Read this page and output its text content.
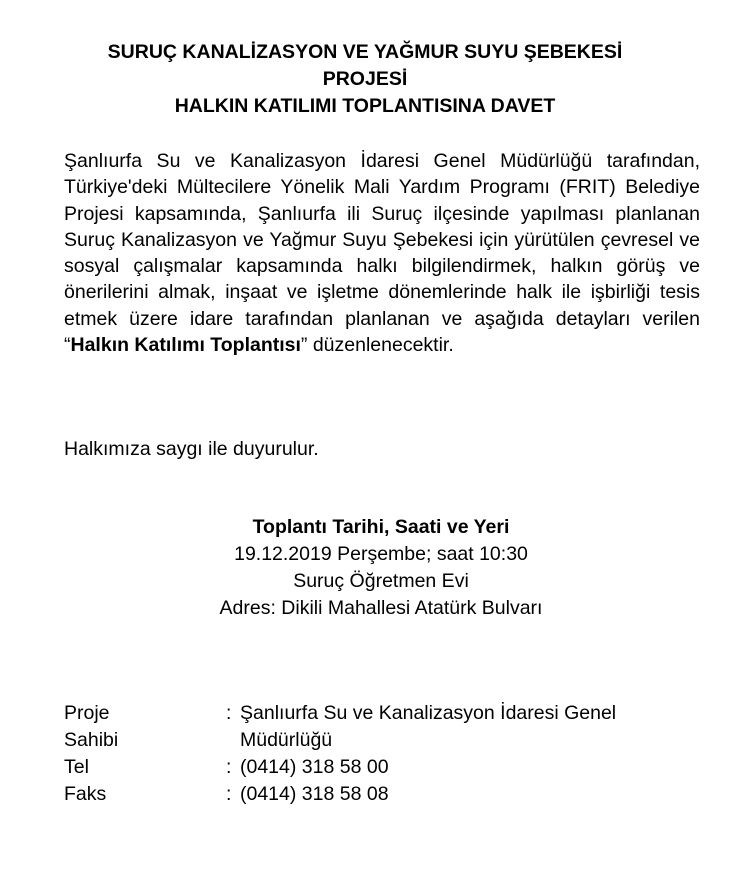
SURUÇ KANALİZASYON VE YAĞMUR SUYU ŞEBEKESİ
PROJESİ
HALKIN KATILIMI TOPLANTISINA DAVET
Şanlıurfa Su ve Kanalizasyon İdaresi Genel Müdürlüğü tarafından, Türkiye'deki Mültecilere Yönelik Mali Yardım Programı (FRIT) Belediye Projesi kapsamında, Şanlıurfa ili Suruç ilçesinde yapılması planlanan Suruç Kanalizasyon ve Yağmur Suyu Şebekesi için yürütülen çevresel ve sosyal çalışmalar kapsamında halkı bilgilendirmek, halkın görüş ve önerilerini almak, inşaat ve işletme dönemlerinde halk ile işbirliği tesis etmek üzere idare tarafından planlanan ve aşağıda detayları verilen “Halkın Katılımı Toplantısı” düzenlenecektir.
Halkımıza saygı ile duyurulur.
Toplantı Tarihi, Saati ve Yeri
19.12.2019 Perşembe; saat 10:30
Suruç Öğretmen Evi
Adres: Dikili Mahallesi Atatürk Bulvarı
Proje Sahibi
: Şanlıurfa Su ve Kanalizasyon İdaresi Genel
Müdürlüğü
Tel	: (0414) 318 58 00
Faks	: (0414) 318 58 08
